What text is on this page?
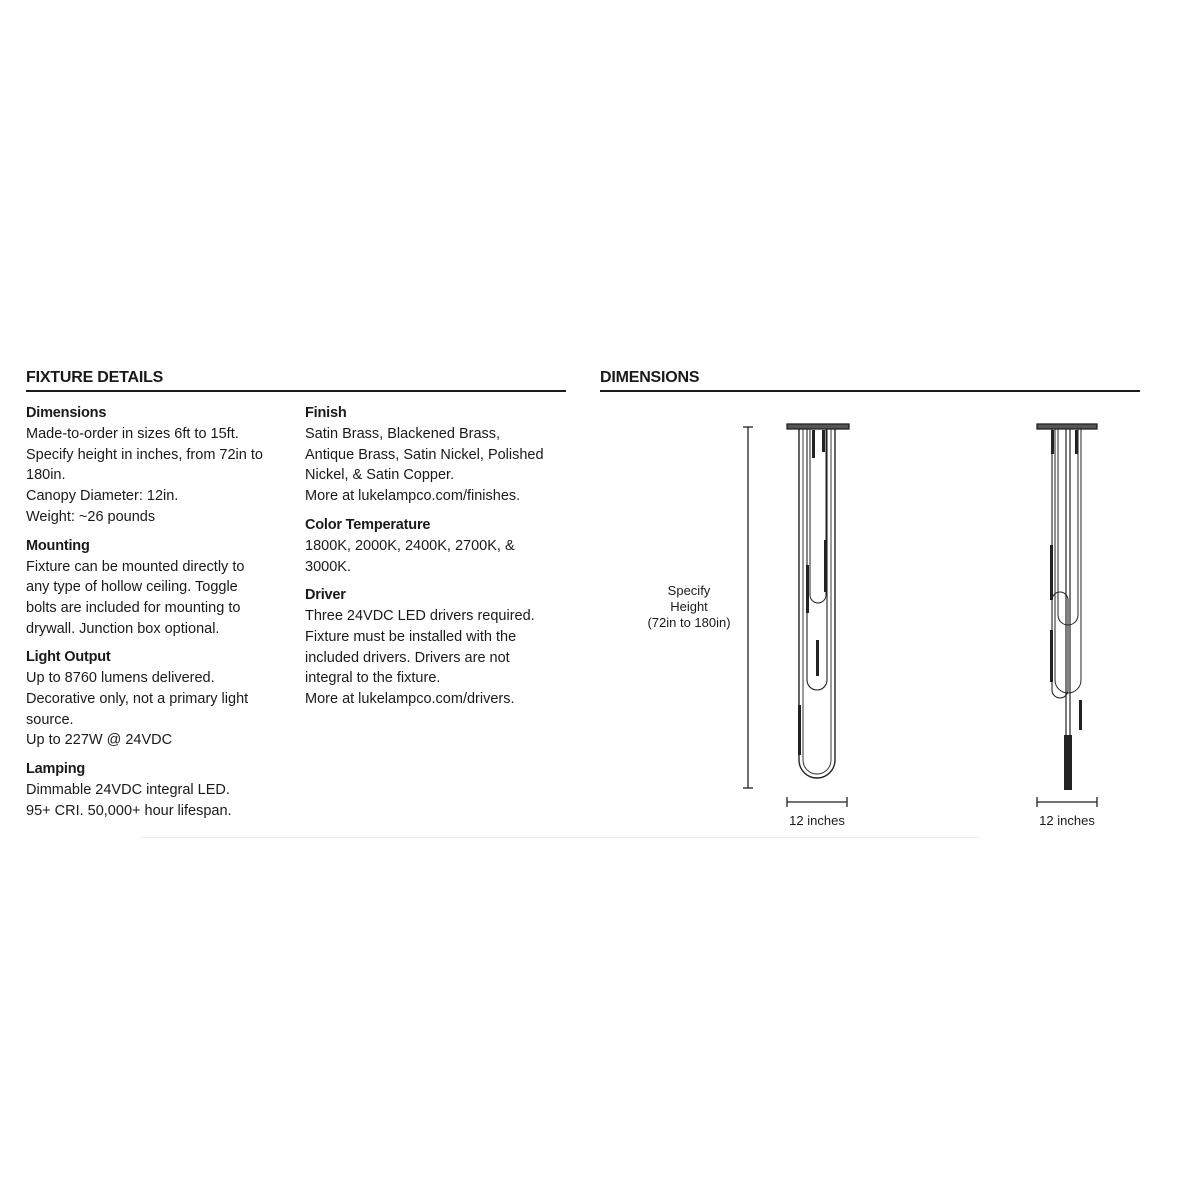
FIXTURE DETAILS
Dimensions
Made-to-order in sizes 6ft to 15ft.
Specify height in inches, from 72in to
180in.
Canopy Diameter: 12in.
Weight: ~26 pounds
Mounting
Fixture can be mounted directly to
any type of hollow ceiling. Toggle
bolts are included for mounting to
drywall. Junction box optional.
Light Output
Up to 8760 lumens delivered.
Decorative only, not a primary light
source.
Up to 227W @ 24VDC
Lamping
Dimmable 24VDC integral LED.
95+ CRI. 50,000+ hour lifespan.
Finish
Satin Brass, Blackened Brass,
Antique Brass, Satin Nickel, Polished
Nickel, & Satin Copper.
More at lukelampco.com/finishes.
Color Temperature
1800K, 2000K, 2400K, 2700K, &
3000K.
Driver
Three 24VDC LED drivers required.
Fixture must be installed with the
included drivers. Drivers are not
integral to the fixture.
More at lukelampco.com/drivers.
DIMENSIONS
Specify
Height
(72in to 180in)
12 inches	12 inches
